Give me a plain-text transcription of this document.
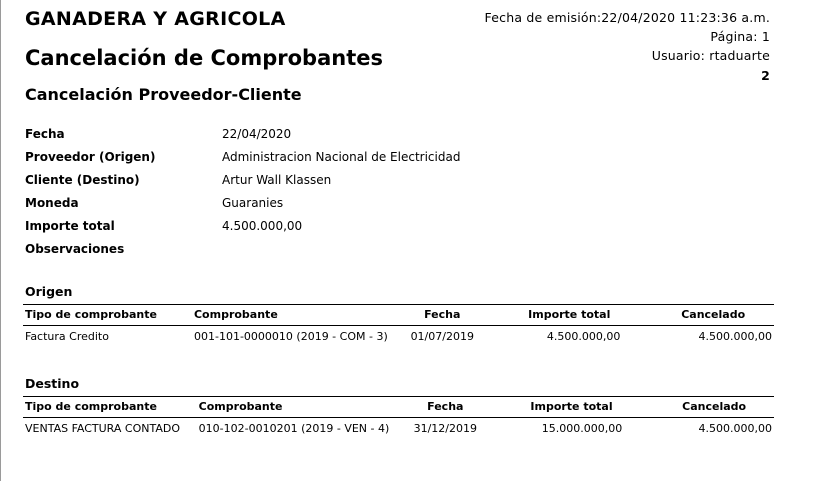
GANADERA Y AGRICOLA
Cancelación de Comprobantes
Cancelación Proveedor-Cliente
Fecha de emisión:22/04/2020 11:23:36 a.m.
Página: 1
Usuario: rtaduarte
2
Fecha	22/04/2020
Proveedor (Origen)	Administracion Nacional de Electricidad
Cliente (Destino)	Artur Wall Klassen
Moneda	Guaranies
Importe total	4.500.000,00
Observaciones
Origen
Tipo de comprobante	Comprobante	Fecha	Importe total	Cancelado
Factura Credito	001-101-0000010 (2019 - COM - 3)	01/07/2019	4.500.000,00	4.500.000,00
Destino
Tipo de comprobante	Comprobante	Fecha	Importe total	Cancelado
VENTAS FACTURA CONTADO	010-102-0010201 (2019 - VEN - 4)	31/12/2019	15.000.000,00	4.500.000,00
